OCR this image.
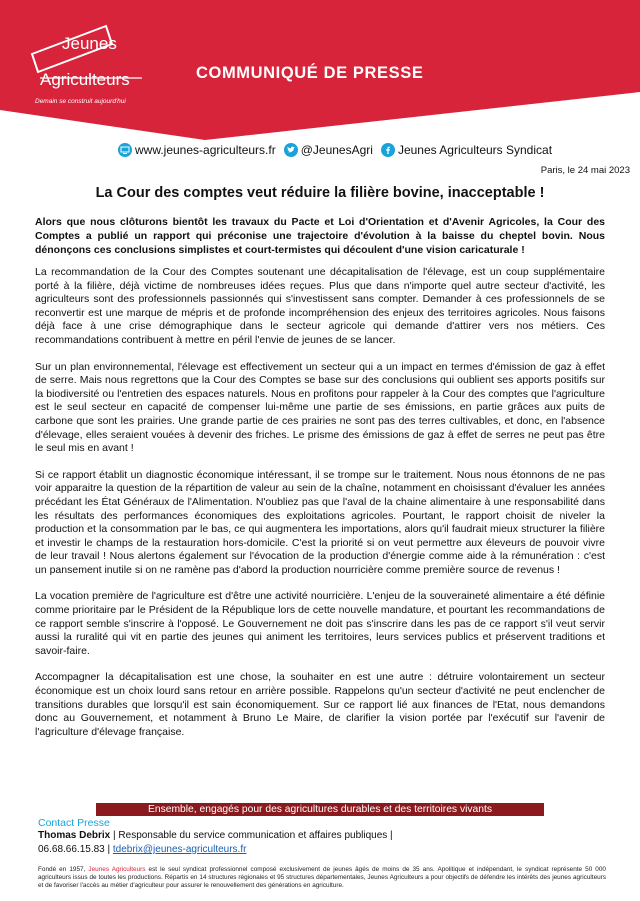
Jeunes
Agriculteurs
Demain se construit aujourd'hui
COMMUNIQUÉ DE PRESSE
www.jeunes-agriculteurs.fr @JeunesAgri Jeunes Agriculteurs Syndicat
Paris, le 24 mai 2023
La Cour des comptes veut réduire la filière bovine, inacceptable !
Alors que nous clôturons bientôt les travaux du Pacte et Loi d'Orientation et d'Avenir Agricoles, la Cour des Comptes a publié un rapport qui préconise une trajectoire d'évolution à la baisse du cheptel bovin. Nous dénonçons ces conclusions simplistes et court-termistes qui découlent d'une vision caricaturale !

La recommandation de la Cour des Comptes soutenant une décapitalisation de l'élevage, est un coup supplémentaire porté à la filière, déjà victime de nombreuses idées reçues. Plus que dans n'importe quel autre secteur d'activité, les agriculteurs sont des professionnels passionnés qui s'investissent sans compter. Demander à ces professionnels de se reconvertir est une marque de mépris et de profonde incompréhension des enjeux des territoires agricoles. Nous faisons déjà face à une crise démographique dans le secteur agricole qui demande d'attirer vers nos métiers. Ces recommandations contribuent à mettre en péril l'envie de jeunes de se lancer.

Sur un plan environnemental, l'élevage est effectivement un secteur qui a un impact en termes d'émission de gaz à effet de serre. Mais nous regrettons que la Cour des Comptes se base sur des conclusions qui oublient ses apports positifs sur la biodiversité ou l'entretien des espaces naturels. Nous en profitons pour rappeler à la Cour des comptes que l'agriculture est le seul secteur en capacité de compenser lui-même une partie de ses émissions, en partie grâces aux puits de carbone que sont les prairies. Une grande partie de ces prairies ne sont pas des terres cultivables, et donc, en l'absence d'élevage, elles seraient vouées à devenir des friches. Le prisme des émissions de gaz à effet de serres ne peut pas être le seul mis en avant !

Si ce rapport établit un diagnostic économique intéressant, il se trompe sur le traitement. Nous nous étonnons de ne pas voir apparaitre la question de la répartition de valeur au sein de la chaîne, notamment en choisissant d'évaluer les années précédant les État Généraux de l'Alimentation. N'oubliez pas que l'aval de la chaine alimentaire à une responsabilité dans les résultats des performances économiques des exploitations agricoles. Pourtant, le rapport choisit de niveler la production et la consommation par le bas, ce qui augmentera les importations, alors qu'il faudrait mieux structurer la filière et investir le champs de la restauration hors-domicile. C'est la priorité si on veut permettre aux éleveurs de pouvoir vivre de leur travail ! Nous alertons également sur l'évocation de la production d'énergie comme aide à la rémunération : c'est un pansement inutile si on ne ramène pas d'abord la production nourricière comme première source de revenus !

La vocation première de l'agriculture est d'être une activité nourricière. L'enjeu de la souveraineté alimentaire a été définie comme prioritaire par le Président de la République lors de cette nouvelle mandature, et pourtant les recommandations de ce rapport semble s'inscrire à l'opposé. Le Gouvernement ne doit pas s'inscrire dans les pas de ce rapport s'il veut servir aussi la ruralité qui vit en partie des jeunes qui animent les territoires, leurs services publics et préservent traditions et savoir-faire.

Accompagner la décapitalisation est une chose, la souhaiter en est une autre : détruire volontairement un secteur économique est un choix lourd sans retour en arrière possible. Rappelons qu'un secteur d'activité ne peut enclencher de transitions durables que lorsqu'il est sain économiquement. Sur ce rapport lié aux finances de l'Etat, nous demandons donc au Gouvernement, et notamment à Bruno Le Maire, de clarifier la vision portée par l'exécutif sur l'avenir de l'agriculture d'élevage française.

Ensemble, engagés pour des agricultures durables et des territoires vivants
Contact Presse
Thomas Debrix | Responsable du service communication et affaires publiques |
06.68.66.15.83 | tdebrix@jeunes-agriculteurs.fr
Fondé en 1957, Jeunes Agriculteurs est le seul syndicat professionnel composé exclusivement de jeunes âgés de moins de 35 ans. Apolitique et indépendant, le syndicat représente 50 000 agriculteurs issus de toutes les productions. Répartis en 14 structures régionales et 95 structures départementales, Jeunes Agriculteurs a pour objectifs de défendre les intérêts des jeunes agriculteurs et de favoriser l'accès au métier d'agriculteur pour assurer le renouvellement des générations en agriculture.
